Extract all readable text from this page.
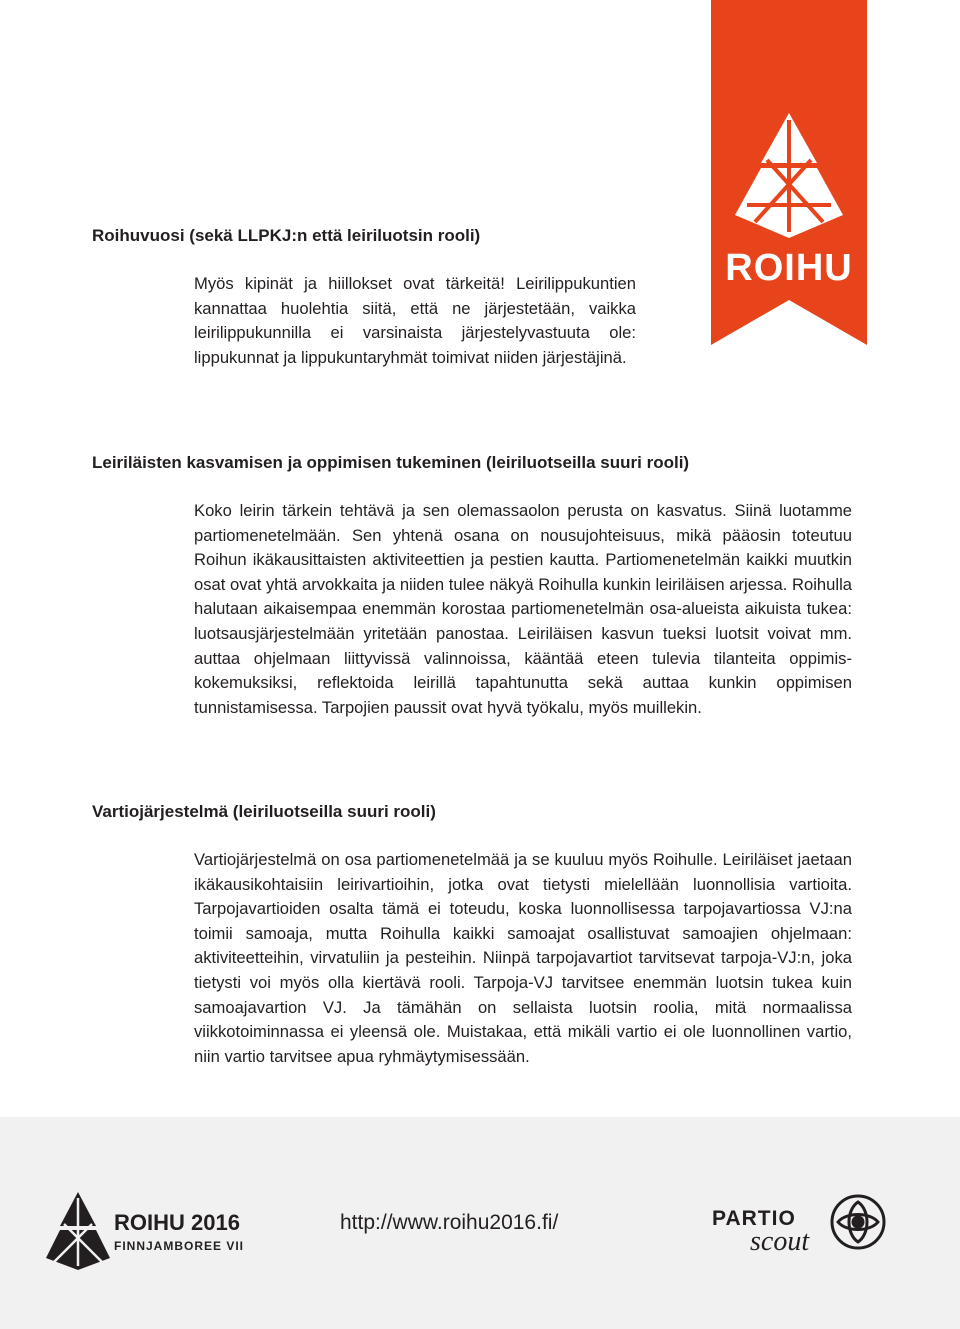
ROIHU
Roihuvuosi (sekä LLPKJ:n että leiriluotsin rooli)

Myös kipinät ja hiillokset ovat tärkeitä! Leirilippukuntien kannattaa huolehtia siitä, että ne järjestetään, vaikka leirilippukunnilla ei varsinaista järjestelyvastuuta ole: lippukunnat ja lippukuntaryhmät toimivat niiden järjestäjinä.

Leiriläisten kasvamisen ja oppimisen tukeminen (leiriluotseilla suuri rooli)

Koko leirin tärkein tehtävä ja sen olemassaolon perusta on kasvatus. Siinä luotamme partiomenetelmään. Sen yhtenä osana on nousujohteisuus, mikä pääosin toteutuu Roihun ikäkausittaisten aktiviteettien ja pestien kautta. Partiomenetelmän kaikki muutkin osat ovat yhtä arvokkaita ja niiden tulee näkyä Roihulla kunkin leiriläisen arjessa. Roihulla halutaan aikaisempaa enemmän korostaa partiomenetelmän osa-alueista aikuista tukea: luotsausjärjestelmään yritetään panostaa. Leiriläisen kasvun tueksi luotsit voivat mm. auttaa ohjelmaan liittyvissä valinnoissa, kääntää eteen tulevia tilanteita oppimiskokemuksiksi, reflektoida leirillä tapahtunutta sekä auttaa kunkin oppimisen tunnistamisessa. Tarpojien paussit ovat hyvä työkalu, myös muillekin.

Vartiojärjestelmä (leiriluotseilla suuri rooli)

Vartiojärjestelmä on osa partiomenetelmää ja se kuuluu myös Roihulle. Leiriläiset jaetaan ikäkausikohtaisiin leirivartioihin, jotka ovat tietysti mielellään luonnollisia vartioita. Tarpojavartioiden osalta tämä ei toteudu, koska luonnollisessa tarpojavartiossa VJ:na toimii samoaja, mutta Roihulla kaikki samoajat osallistuvat samoajien ohjelmaan: aktiviteetteihin, virvatuliin ja pesteihin. Niinpä tarpojavartiot tarvitsevat tarpoja-VJ:n, joka tietysti voi myös olla kiertävä rooli. Tarpoja-VJ tarvitsee enemmän luotsin tukea kuin samoajavartion VJ. Ja tämähän on sellaista luotsin roolia, mitä normaalissa viikkotoiminnassa ei yleensä ole. Muistakaa, että mikäli vartio ei ole luonnollinen vartio, niin vartio tarvitsee apua ryhmäytymisessään.

ROIHU 2016
FINNJAMBOREE VII
http://www.roihu2016.fi/	PARTIO
scout
